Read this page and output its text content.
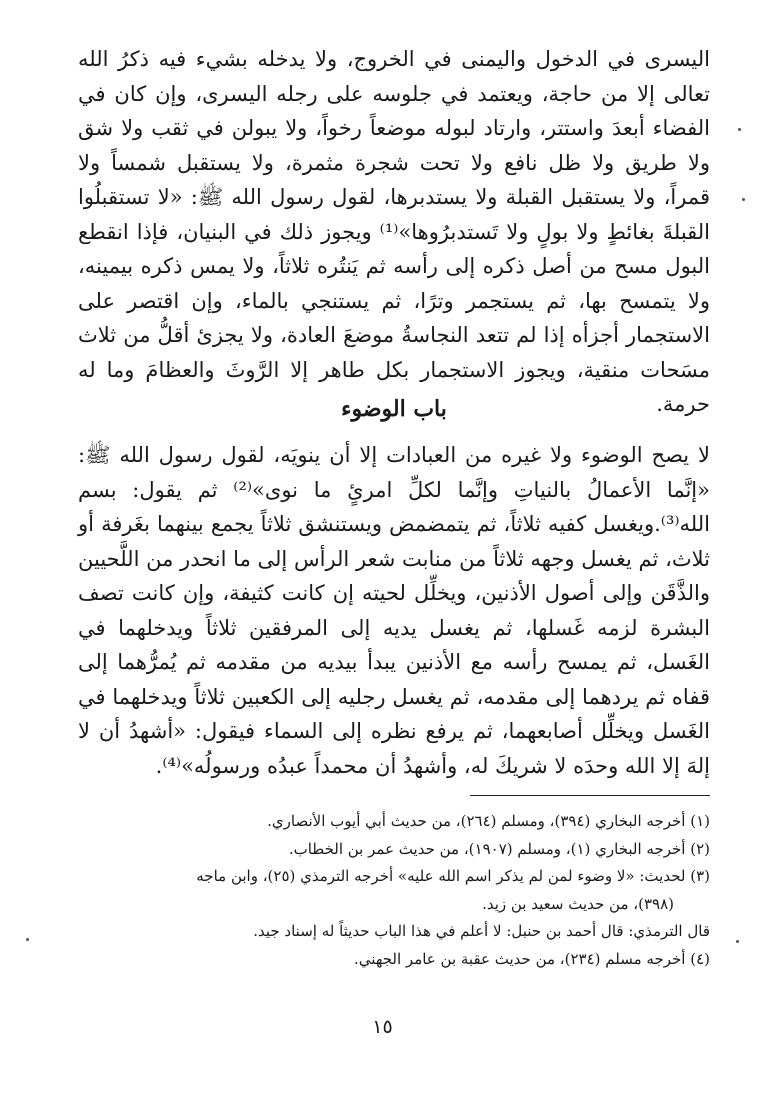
اليسرى في الدخول واليمنى في الخروج، ولا يدخله بشيء فيه ذكرُ الله تعالى إلا من حاجة، ويعتمد في جلوسه على رجله اليسرى، وإن كان في الفضاء أبعدَ واستتر، وارتاد لبوله موضعاً رخواً، ولا يبولن في ثقب ولا شق ولا طريق ولا ظل نافع ولا تحت شجرة مثمرة، ولا يستقبل شمساً ولا قمراً، ولا يستقبل القبلة ولا يستدبرها، لقول رسول الله ﷺ: «لا تستقبلُوا القبلةَ بغائطٍ ولا بولٍ ولا تَستدبرُوها»⁽¹⁾ ويجوز ذلك في البنيان، فإذا انقطع البول مسح من أصل ذكره إلى رأسه ثم يَنتُره ثلاثاً، ولا يمس ذكره بيمينه، ولا يتمسح بها، ثم يستجمر وترًا، ثم يستنجي بالماء، وإن اقتصر على الاستجمار أجزأه إذا لم تتعد النجاسةُ موضعَ العادة، ولا يجزئ أقلُّ من ثلاث مسَحات منقية، ويجوز الاستجمار بكل طاهر إلا الرَّوثَ والعظامَ وما له حرمة.

باب الوضوء

لا يصح الوضوء ولا غيره من العبادات إلا أن ينويَه، لقول رسول الله ﷺ: «إنَّما الأعمالُ بالنياتِ وإنَّما لكلِّ امرئٍ ما نوى»⁽²⁾ ثم يقول: بسم الله⁽³⁾.ويغسل كفيه ثلاثاً، ثم يتمضمض ويستنشق ثلاثاً يجمع بينهما بغَرفة أو ثلاث، ثم يغسل وجهه ثلاثاً من منابت شعر الرأس إلى ما انحدر من اللَّحيين والذَّقَن وإلى أصول الأذنين، ويخلِّل لحيته إن كانت كثيفة، وإن كانت تصف البشرة لزمه غَسلها، ثم يغسل يديه إلى المرفقين ثلاثاً ويدخلهما في الغَسل، ثم يمسح رأسه مع الأذنين يبدأ بيديه من مقدمه ثم يُمرُّهما إلى قفاه ثم يردهما إلى مقدمه، ثم يغسل رجليه إلى الكعبين ثلاثاً ويدخلهما في الغَسل ويخلِّل أصابعهما، ثم يرفع نظره إلى السماء فيقول: «أشهدُ أن لا إلهَ إلا الله وحدَه لا شريكَ له، وأشهدُ أن محمداً عبدُه ورسولُه»⁽⁴⁾.

(١) أخرجه البخاري (٣٩٤)، ومسلم (٢٦٤)، من حديث أبي أيوب الأنصاري.

(٢) أخرجه البخاري (١)، ومسلم (١٩٠٧)، من حديث عمر بن الخطاب.

(٣) لحديث: «لا وضوء لمن لم يذكر اسم الله عليه» أخرجه الترمذي (٢٥)، وابن ماجه

(٣٩٨)، من حديث سعيد بن زيد.

قال الترمذي: قال أحمد بن حنبل: لا أعلم في هذا الباب حديثاً له إسناد جيد.

(٤) أخرجه مسلم (٢٣٤)، من حديث عقبة بن عامر الجهني.

١٥
